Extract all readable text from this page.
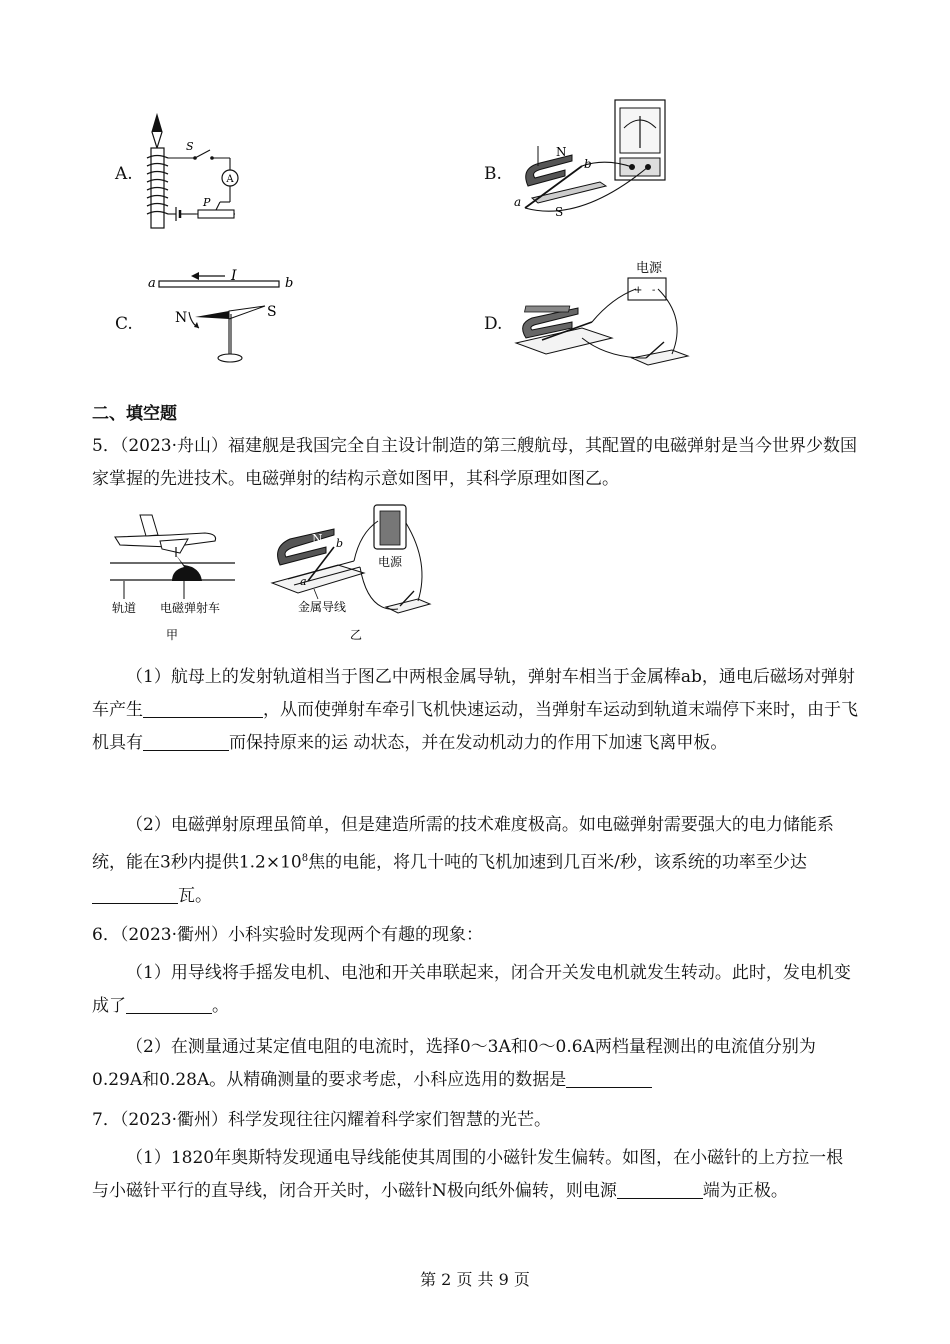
A.	A
S
P
B.
N
S
a
b
C.
a	b
I
N	S
D.
电源
+ -
二、填空题
5．（2023·舟山）福建舰是我国完全自主设计制造的第三艘航母，其配置的电磁弹射是当今世界少数国家掌握的先进技术。电磁弹射的结构示意如图甲，其科学原理如图乙。
轨道 电磁弹射车
甲
电源
N
a
b
金属导线
乙
（1）航母上的发射轨道相当于图乙中两根金属导轨，弹射车相当于金属棒ab，通电后磁场对弹射车产生	，从而使弹射车牵引飞机快速运动，当弹射车运动到轨道末端停下来时，由于飞机具有	而保持原来的运 动状态，并在发动机动力的作用下加速飞离甲板。
（2）电磁弹射原理虽简单，但是建造所需的技术难度极高。如电磁弹射需要强大的电力储能系统，能在3秒内提供$1.2\times 10^8$焦的电能，将几十吨的飞机加速到几百米/秒，该系统的功率至少达瓦。
6．（2023·衢州）小科实验时发现两个有趣的现象：
（1）用导线将手摇发电机、电池和开关串联起来，闭合开关发电机就发生转动。此时，发电机变成了	。
（2）在测量通过某定值电阻的电流时，选择0～3A和0～0.6A两档量程测出的电流值分别为0.29A和0.28A。从精确测量的要求考虑，小科应选用的数据是
7．（2023·衢州）科学发现往往闪耀着科学家们智慧的光芒。
（1）1820年奥斯特发现通电导线能使其周围的小磁针发生偏转。如图，在小磁针的上方拉一根与小磁针平行的直导线，闭合开关时，小磁针N极向纸外偏转，则电源	端为正极。
第 2 页 共 9 页
